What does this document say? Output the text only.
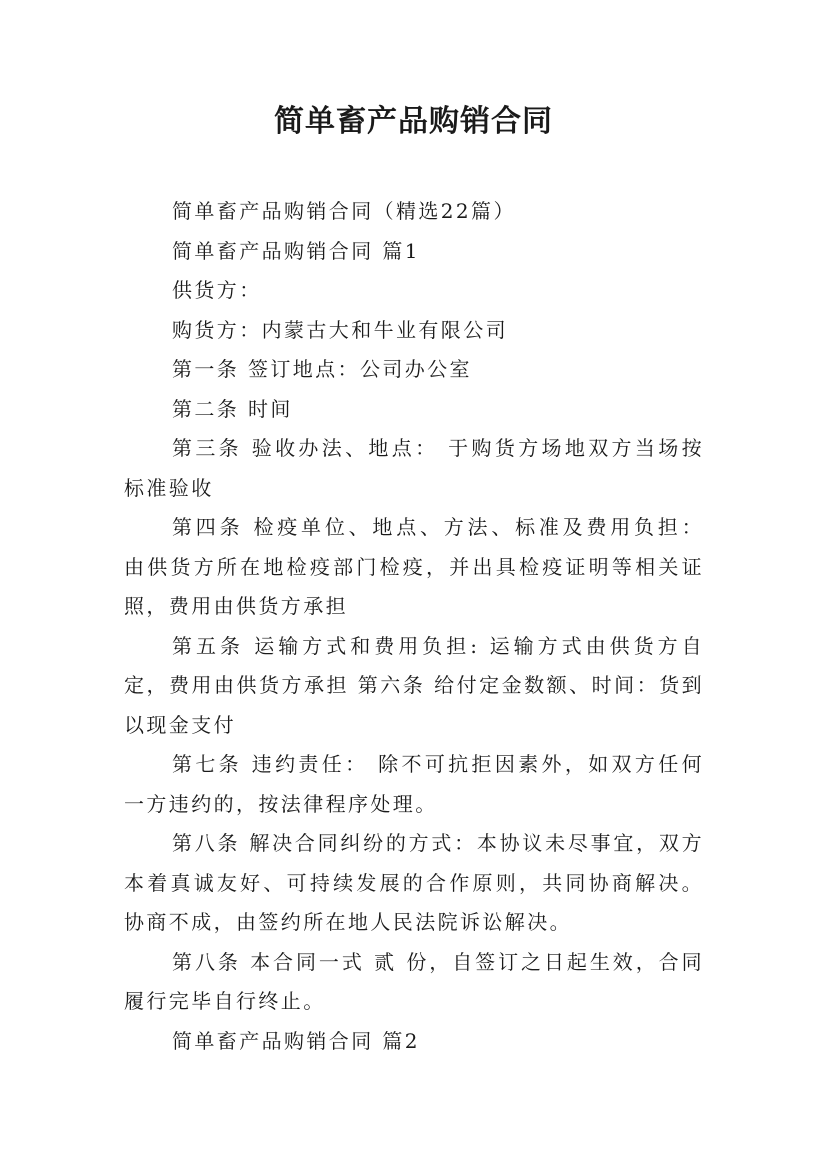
简单畜产品购销合同

简单畜产品购销合同（精选22篇）

简单畜产品购销合同 篇1

供货方：

购货方：内蒙古大和牛业有限公司

第一条 签订地点：公司办公室

第二条 时间

第三条 验收办法、地点： 于购货方场地双方当场按标准验收

第四条 检疫单位、地点、方法、标准及费用负担： 由供货方所在地检疫部门检疫，并出具检疫证明等相关证照，费用由供货方承担

第五条 运输方式和费用负担: 运输方式由供货方自定，费用由供货方承担 第六条 给付定金数额、时间：货到以现金支付

第七条 违约责任： 除不可抗拒因素外，如双方任何一方违约的，按法律程序处理。

第八条 解决合同纠纷的方式：本协议未尽事宜，双方本着真诚友好、可持续发展的合作原则，共同协商解决。协商不成，由签约所在地人民法院诉讼解决。

第八条 本合同一式 贰 份，自签订之日起生效，合同履行完毕自行终止。

简单畜产品购销合同 篇2
